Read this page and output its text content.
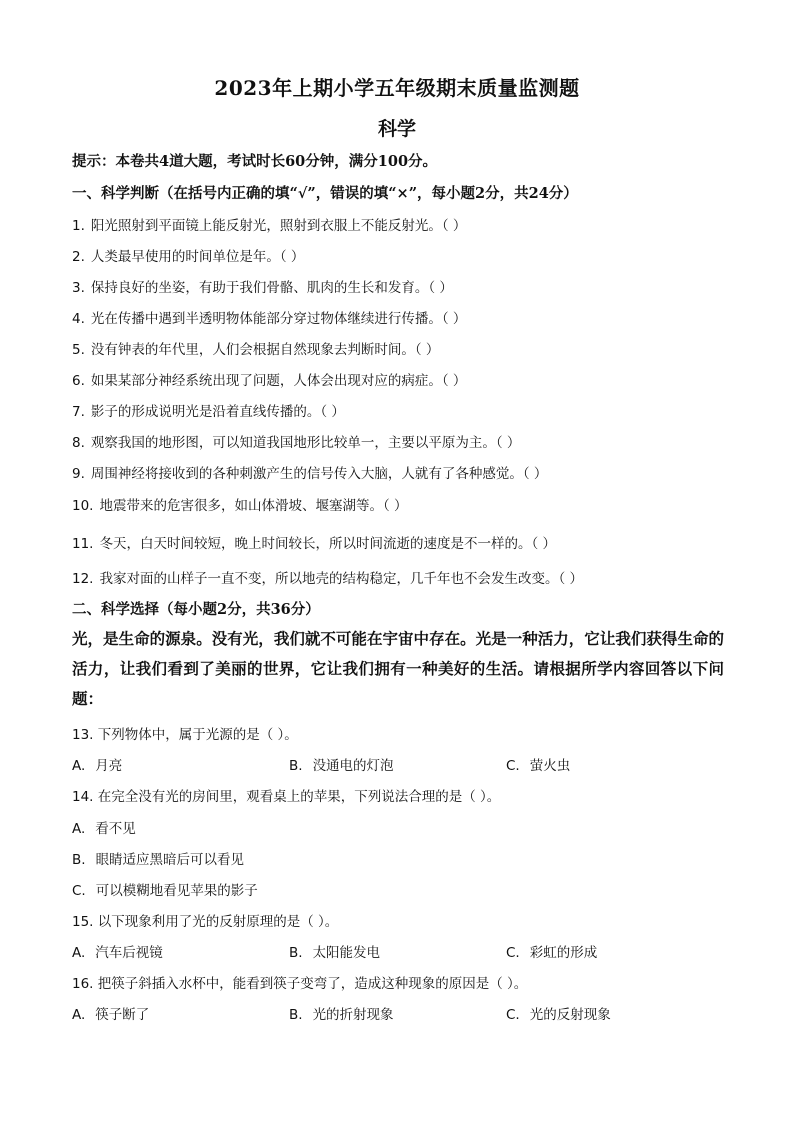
2023年上期小学五年级期末质量监测题
科学
提示：本卷共4道大题，考试时长60分钟，满分100分。
一、科学判断（在括号内正确的填“√”，错误的填“×”，每小题2分，共24分）
1. 阳光照射到平面镜上能反射光，照射到衣服上不能反射光。（ ）
2. 人类最早使用的时间单位是年。（ ）
3. 保持良好的坐姿，有助于我们骨骼、肌肉的生长和发育。（ ）
4. 光在传播中遇到半透明物体能部分穿过物体继续进行传播。（ ）
5. 没有钟表的年代里，人们会根据自然现象去判断时间。（ ）
6. 如果某部分神经系统出现了问题，人体会出现对应的病症。（ ）
7. 影子的形成说明光是沿着直线传播的。（ ）
8. 观察我国的地形图，可以知道我国地形比较单一，主要以平原为主。（ ）
9. 周围神经将接收到的各种刺激产生的信号传入大脑，人就有了各种感觉。（ ）
10. 地震带来的危害很多，如山体滑坡、堰塞湖等。（ ）
11. 冬天，白天时间较短，晚上时间较长，所以时间流逝的速度是不一样的。（ ）
12. 我家对面的山样子一直不变，所以地壳的结构稳定，几千年也不会发生改变。（ ）
二、科学选择（每小题2分，共36分）
光，是生命的源泉。没有光，我们就不可能在宇宙中存在。光是一种活力，它让我们获得生命的活力，让我们看到了美丽的世界，它让我们拥有一种美好的生活。请根据所学内容回答以下问题：
13. 下列物体中，属于光源的是（ ）。
A. 月亮	B. 没通电的灯泡	C. 萤火虫
14. 在完全没有光的房间里，观看桌上的苹果，下列说法合理的是（ ）。
A. 看不见
B. 眼睛适应黑暗后可以看见
C. 可以模糊地看见苹果的影子
15. 以下现象利用了光的反射原理的是（ ）。
A. 汽车后视镜	B. 太阳能发电	C. 彩虹的形成
16. 把筷子斜插入水杯中，能看到筷子变弯了，造成这种现象的原因是（ ）。
A. 筷子断了	B. 光的折射现象	C. 光的反射现象
